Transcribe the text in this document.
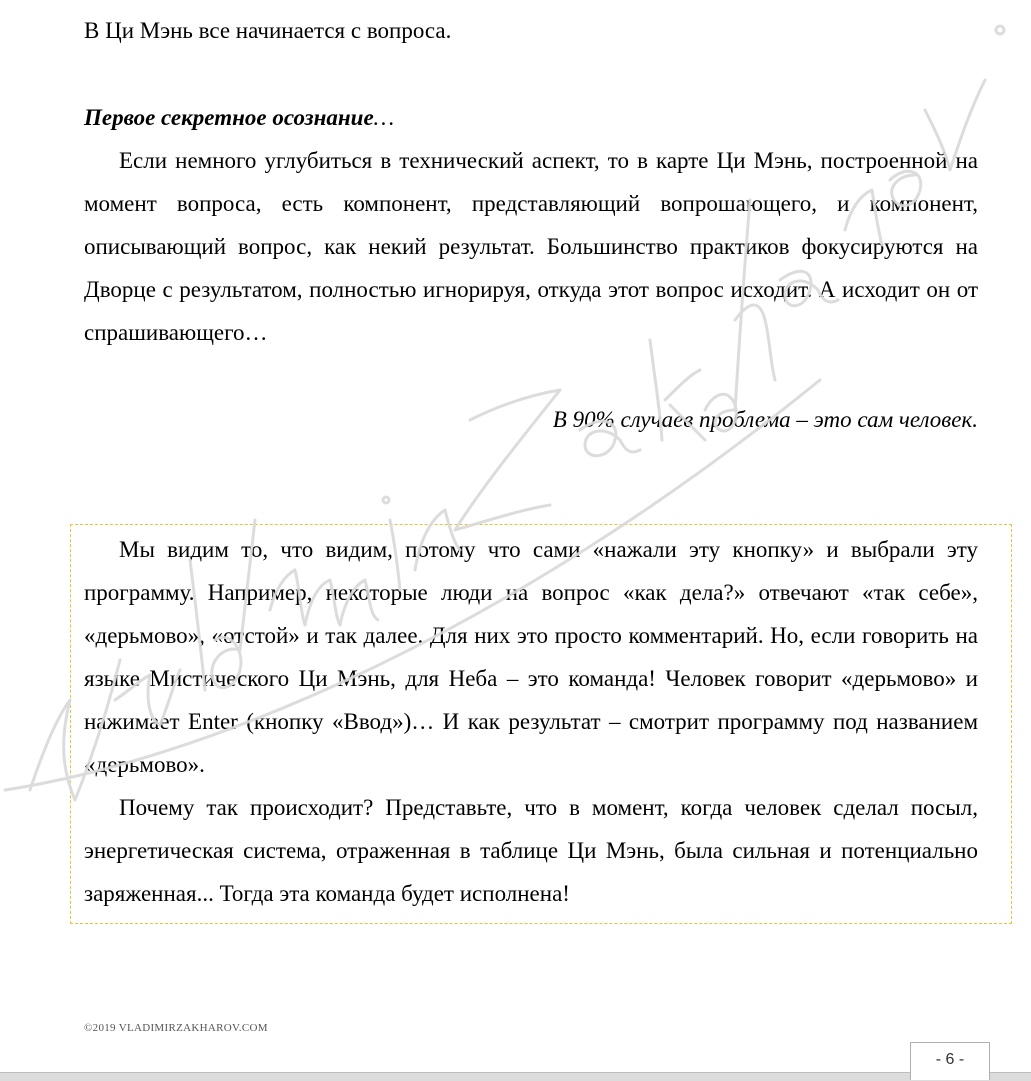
В Ци Мэнь все начинается с вопроса.

Первое секретное осознание…

Если немного углубиться в технический аспект, то в карте Ци Мэнь, построенной на момент вопроса, есть компонент, представляющий вопрошающего, и компонент, описывающий вопрос, как некий результат. Большинство практиков фокусируются на Дворце с результатом, полностью игнорируя, откуда этот вопрос исходит. А исходит он от спрашивающего…

В 90% случаев проблема – это сам человек.

Мы видим то, что видим, потому что сами «нажали эту кнопку» и выбрали эту программу. Например, некоторые люди на вопрос «как дела?» отвечают «так себе», «дерьмово», «отстой» и так далее. Для них это просто комментарий. Но, если говорить на языке Мистического Ци Мэнь, для Неба – это команда! Человек говорит «дерьмово» и нажимает Enter (кнопку «Ввод»)… И как результат – смотрит программу под названием «дерьмово».

Почему так происходит? Представьте, что в момент, когда человек сделал посыл, энергетическая система, отраженная в таблице Ци Мэнь, была сильная и потенциально заряженная... Тогда эта команда будет исполнена!

©2019 VLADIMIRZAKHAROV.COM
- 6 -
